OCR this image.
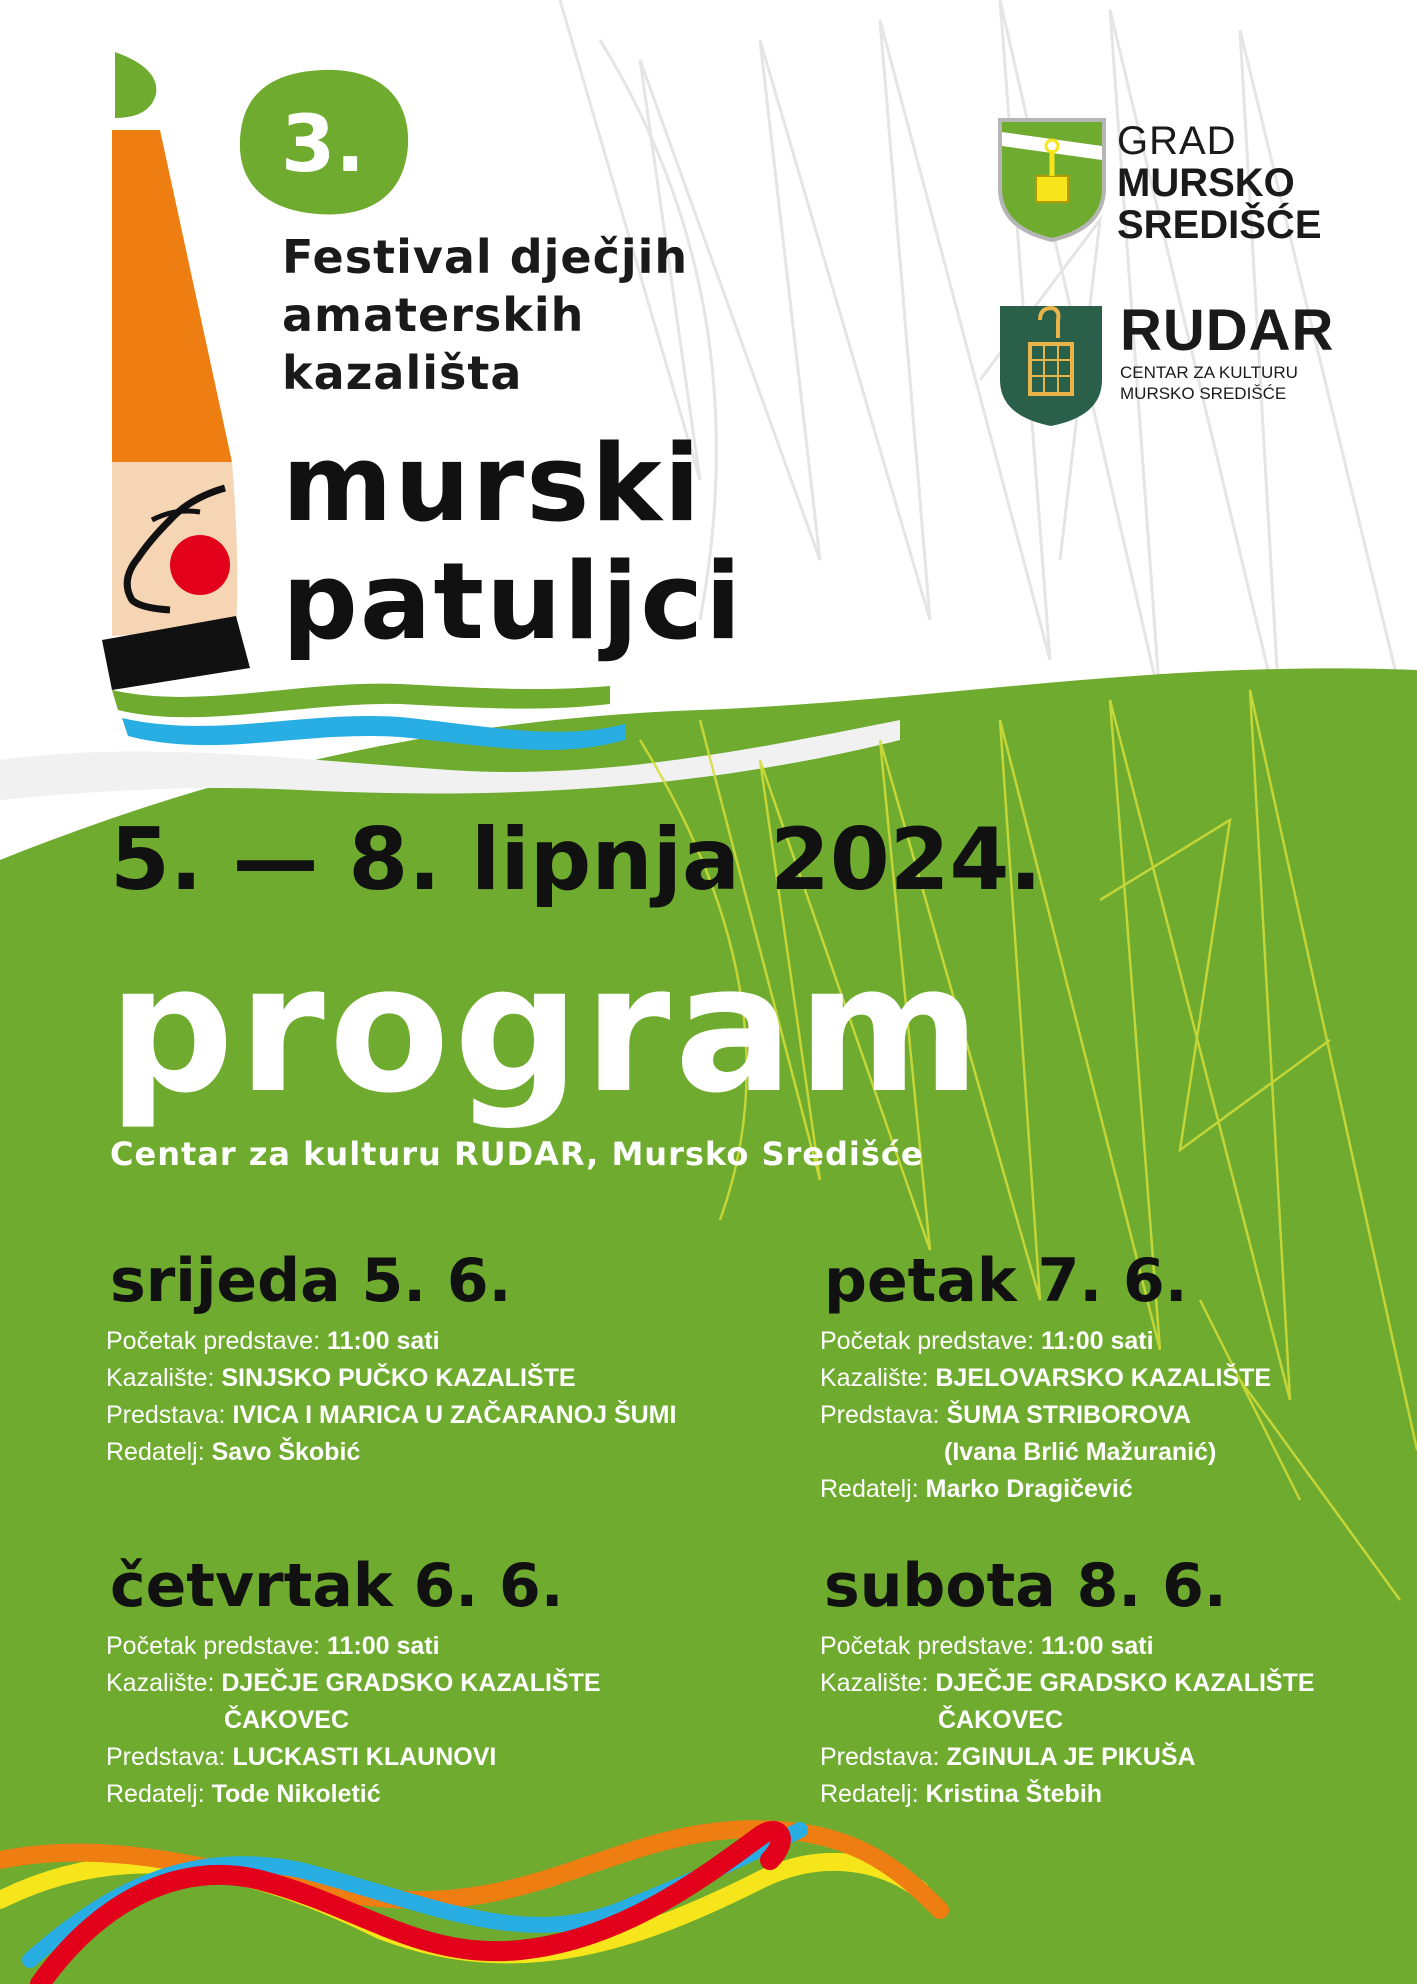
3.
Festival dječjih
amaterskih
kazališta
murski
patuljci
GRAD
MURSKO
SREDIŠĆE
RUDAR
CENTAR ZA KULTURU
MURSKO SREDIŠĆE
5. — 8. lipnja 2024.
program
Centar za kulturu RUDAR, Mursko Središće
srijeda 5. 6.
Početak predstave: 11:00 sati
Kazalište: SINJSKO PUČKO KAZALIŠTE
Predstava: IVICA I MARICA U ZAČARANOJ ŠUMI
Redatelj: Savo Škobić
petak 7. 6.
Početak predstave: 11:00 sati
Kazalište: BJELOVARSKO KAZALIŠTE
Predstava: ŠUMA STRIBOROVA
(Ivana Brlić Mažuranić)
Redatelj: Marko Dragičević
četvrtak 6. 6.
Početak predstave: 11:00 sati
Kazalište: DJEČJE GRADSKO KAZALIŠTE
ČAKOVEC
Predstava: LUCKASTI KLAUNOVI
Redatelj: Tode Nikoletić
subota 8. 6.
Početak predstave: 11:00 sati
Kazalište: DJEČJE GRADSKO KAZALIŠTE
ČAKOVEC
Predstava: ZGINULA JE PIKUŠA
Redatelj: Kristina Štebih
